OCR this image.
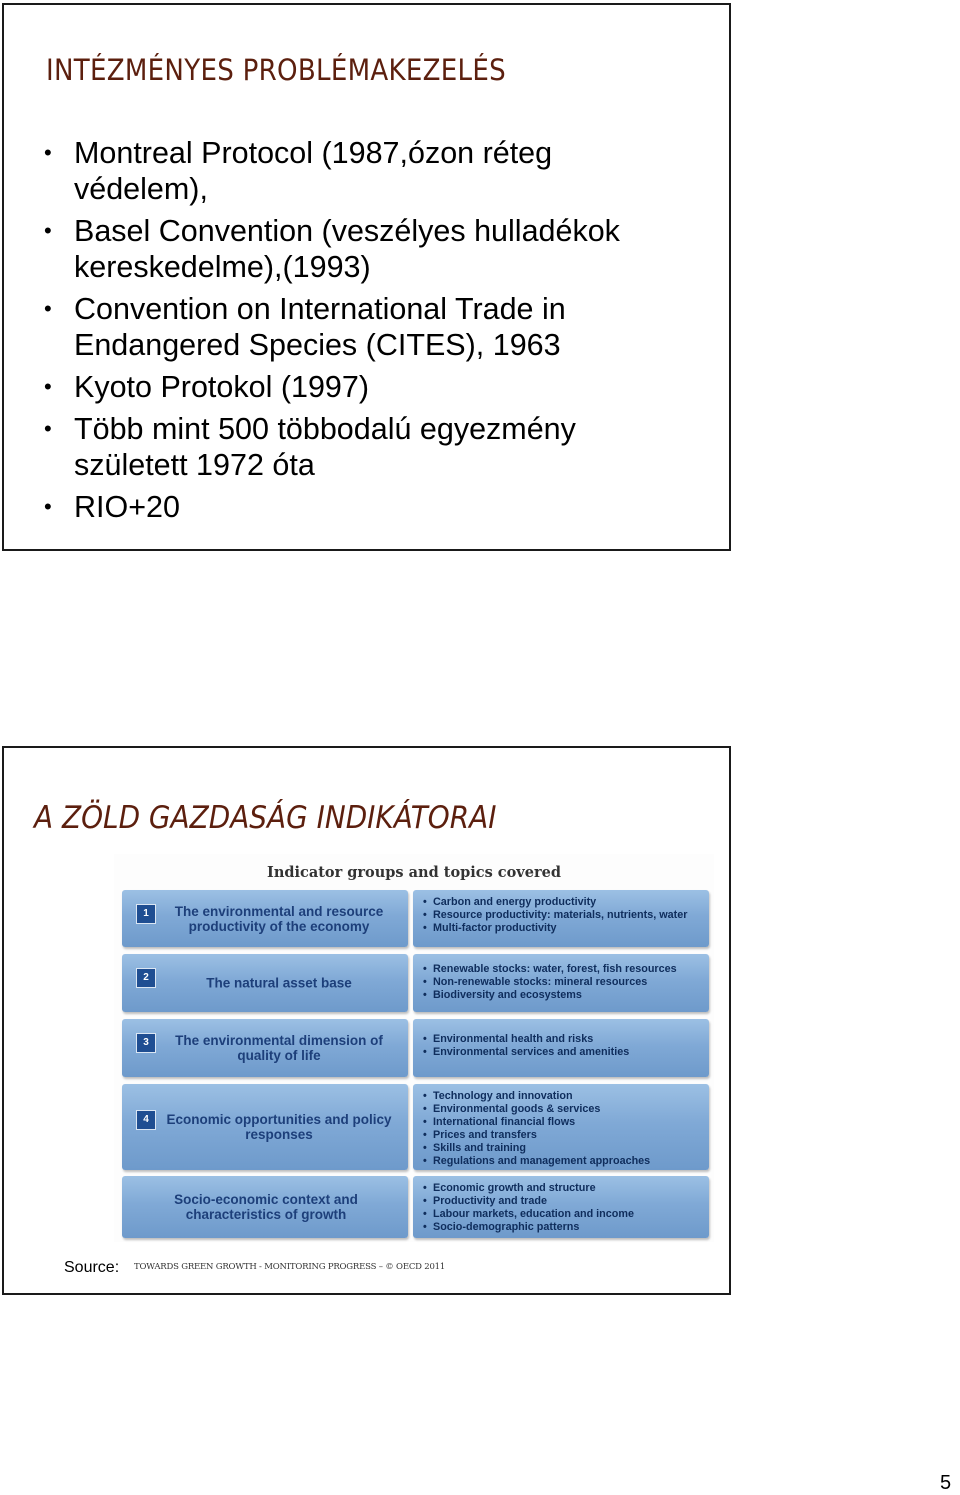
INTÉZMÉNYES PROBLÉMAKEZELÉS
• Montreal Protocol (1987,ózon réteg
védelem),
• Basel Convention (veszélyes hulladékok
kereskedelme),(1993)
• Convention on International Trade in
Endangered Species (CITES), 1963
• Kyoto Protokol (1997)
• Több mint 500 többodalú egyezmény
született 1972 óta
• RIO+20
A ZÖLD GAZDASÁG INDIKÁTORAI
Indicator groups and topics covered
1	The environmental and resource productivity of the economy
• Carbon and energy productivity
• Resource productivity: materials, nutrients, water
• Multi-factor productivity
2	The natural asset base
• Renewable stocks: water, forest, fish resources
• Non-renewable stocks: mineral resources
• Biodiversity and ecosystems
3	The environmental dimension of quality of life
• Environmental health and risks
• Environmental services and amenities
4	Economic opportunities and policy responses
• Technology and innovation
• Environmental goods & services
• International financial flows
• Prices and transfers
• Skills and training
• Regulations and management approaches
Socio-economic context and characteristics of growth
• Economic growth and structure
• Productivity and trade
• Labour markets, education and income
• Socio-demographic patterns
Source: TOWARDS GREEN GROWTH - MONITORING PROGRESS – © OECD 2011
5
